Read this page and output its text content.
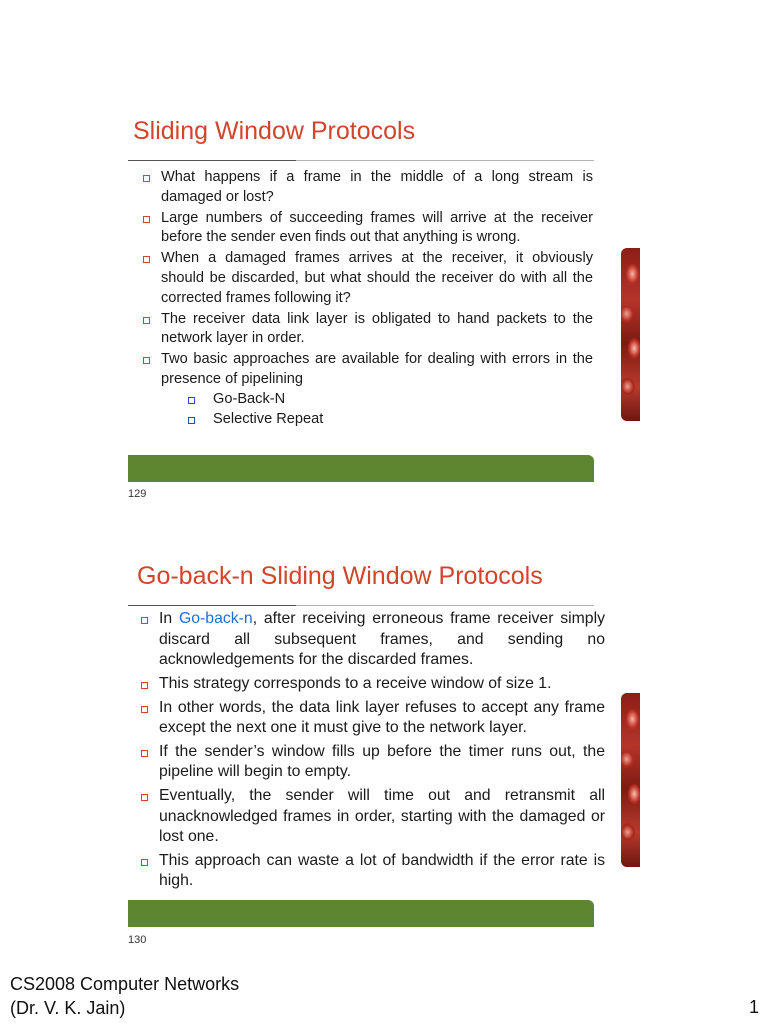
Sliding Window Protocols
What happens if a frame in the middle of a long stream is damaged or lost?
Large numbers of succeeding frames will arrive at the receiver before the sender even finds out that anything is wrong.
When a damaged frames arrives at the receiver, it obviously should be discarded, but what should the receiver do with all the corrected frames following it?
The receiver data link layer is obligated to hand packets to the network layer in order.
Two basic approaches are available for dealing with errors in the presence of pipelining
Go-Back-N
Selective Repeat
129
Go-back-n Sliding Window Protocols
In Go-back-n, after receiving erroneous frame receiver simply discard all subsequent frames, and sending no acknowledgements for the discarded frames.
This strategy corresponds to a receive window of size 1.
In other words, the data link layer refuses to accept any frame except the next one it must give to the network layer.
If the sender’s window fills up before the timer runs out, the pipeline will begin to empty.
Eventually, the sender will time out and retransmit all unacknowledged frames in order, starting with the damaged or lost one.
This approach can waste a lot of bandwidth if the error rate is high.
130
CS2008 Computer Networks
(Dr. V. K. Jain)	1
